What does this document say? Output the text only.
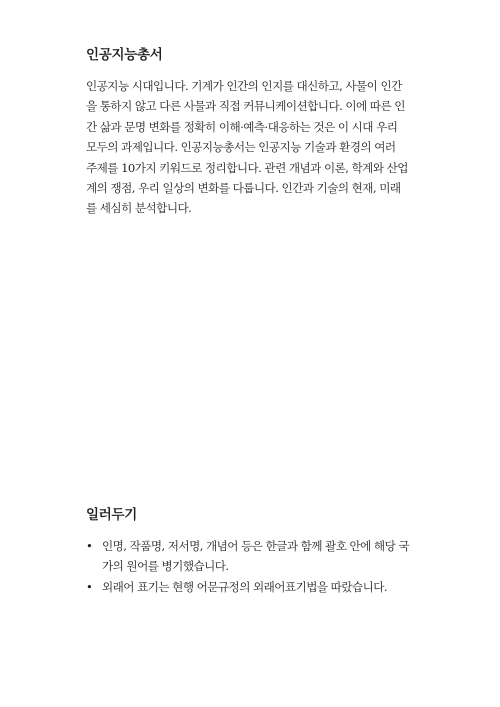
인공지능총서

인공지능 시대입니다. 기계가 인간의 인지를 대신하고, 사물이 인간
을 통하지 않고 다른 사물과 직접 커뮤니케이션합니다. 이에 따른 인
간 삶과 문명 변화를 정확히 이해·예측·대응하는 것은 이 시대 우리
모두의 과제입니다. 인공지능총서는 인공지능 기술과 환경의 여러
주제를 10가지 키워드로 정리합니다. 관련 개념과 이론, 학계와 산업
계의 쟁점, 우리 일상의 변화를 다룹니다. 인간과 기술의 현재, 미래
를 세심히 분석합니다.

일러두기
• 인명, 작품명, 저서명, 개념어 등은 한글과 함께 괄호 안에 해당 국
가의 원어를 병기했습니다.
• 외래어 표기는 현행 어문규정의 외래어표기법을 따랐습니다.
